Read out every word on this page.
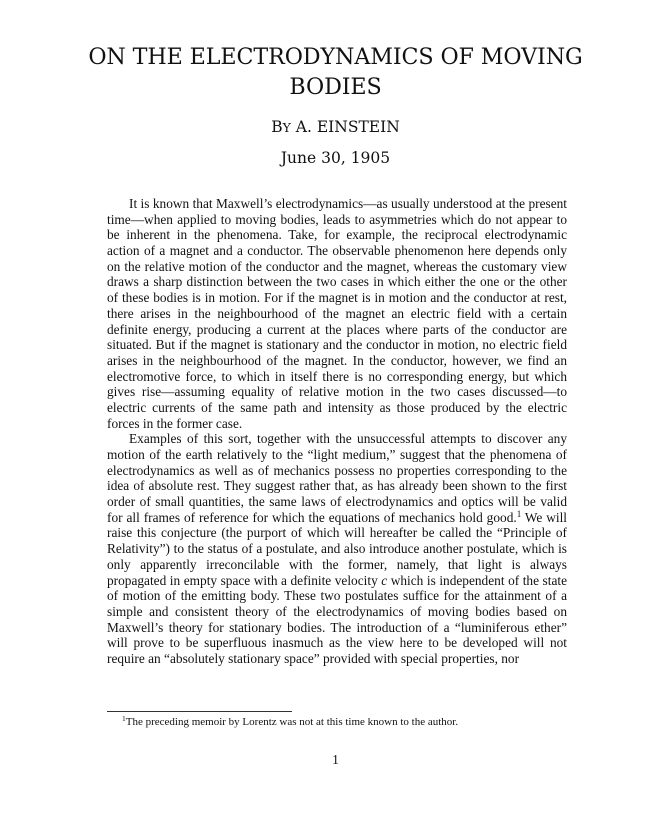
ON THE ELECTRODYNAMICS OF MOVING BODIES
BY A. EINSTEIN
June 30, 1905

It is known that Maxwell’s electrodynamics—as usually understood at the present time—when applied to moving bodies, leads to asymmetries which do not appear to be inherent in the phenomena. Take, for example, the reciprocal electrodynamic action of a magnet and a conductor. The observable phenomenon here depends only on the relative motion of the conductor and the magnet, whereas the customary view draws a sharp distinction between the two cases in which either the one or the other of these bodies is in motion. For if the magnet is in motion and the conductor at rest, there arises in the neighbourhood of the magnet an electric field with a certain definite energy, producing a current at the places where parts of the conductor are situated. But if the magnet is stationary and the conductor in motion, no electric field arises in the neighbourhood of the magnet. In the conductor, however, we find an electromotive force, to which in itself there is no corresponding energy, but which gives rise—assuming equality of relative motion in the two cases discussed—to electric currents of the same path and intensity as those produced by the electric forces in the former case.

Examples of this sort, together with the unsuccessful attempts to discover any motion of the earth relatively to the “light medium,” suggest that the phenomena of electrodynamics as well as of mechanics possess no properties corresponding to the idea of absolute rest. They suggest rather that, as has already been shown to the first order of small quantities, the same laws of electrodynamics and optics will be valid for all frames of reference for which the equations of mechanics hold good.$^1$ We will raise this conjecture (the purport of which will hereafter be called the “Principle of Relativity”) to the status of a postulate, and also introduce another postulate, which is only apparently irreconcilable with the former, namely, that light is always propagated in empty space with a definite velocity c which is independent of the state of motion of the emitting body. These two postulates suffice for the attainment of a simple and consistent theory of the electrodynamics of moving bodies based on Maxwell’s theory for stationary bodies. The introduction of a “luminiferous ether” will prove to be superfluous inasmuch as the view here to be developed will not require an “absolutely stationary space” provided with special properties, nor

$^1$The preceding memoir by Lorentz was not at this time known to the author.
1
